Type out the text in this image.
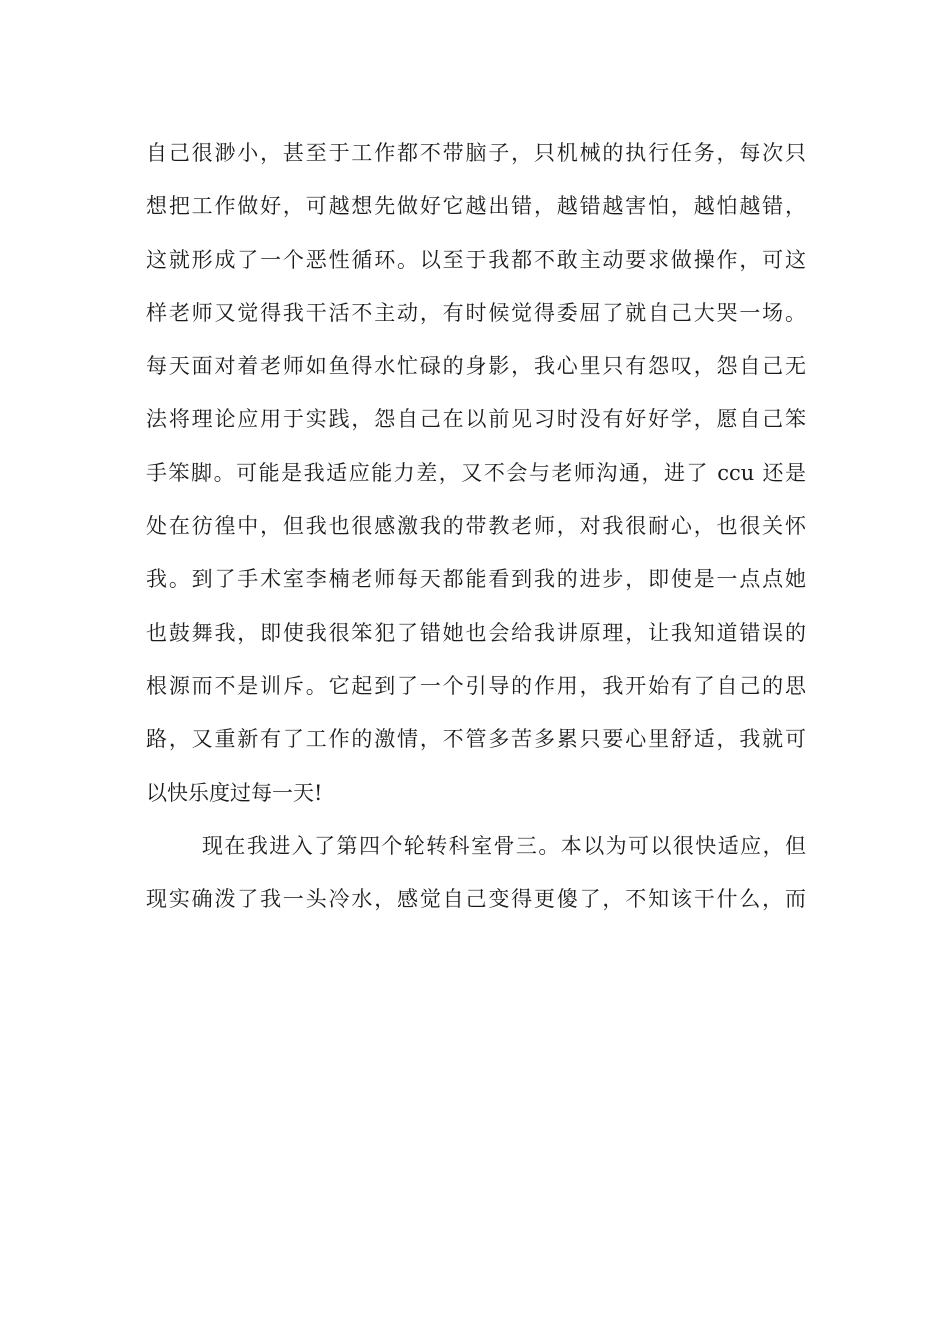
自己很渺小，甚至于工作都不带脑子，只机械的执行任务，每次只
想把工作做好，可越想先做好它越出错，越错越害怕，越怕越错，
这就形成了一个恶性循环。以至于我都不敢主动要求做操作，可这
样老师又觉得我干活不主动，有时候觉得委屈了就自己大哭一场。
每天面对着老师如鱼得水忙碌的身影，我心里只有怨叹，怨自己无
法将理论应用于实践，怨自己在以前见习时没有好好学，愿自己笨
手笨脚。可能是我适应能力差，又不会与老师沟通，进了 ccu 还是
处在彷徨中，但我也很感激我的带教老师，对我很耐心，也很关怀
我。到了手术室李楠老师每天都能看到我的进步，即使是一点点她
也鼓舞我，即使我很笨犯了错她也会给我讲原理，让我知道错误的
根源而不是训斥。它起到了一个引导的作用，我开始有了自己的思
路，又重新有了工作的激情，不管多苦多累只要心里舒适，我就可
以快乐度过每一天!
现在我进入了第四个轮转科室骨三。本以为可以很快适应，但
现实确泼了我一头冷水，感觉自己变得更傻了，不知该干什么，而
